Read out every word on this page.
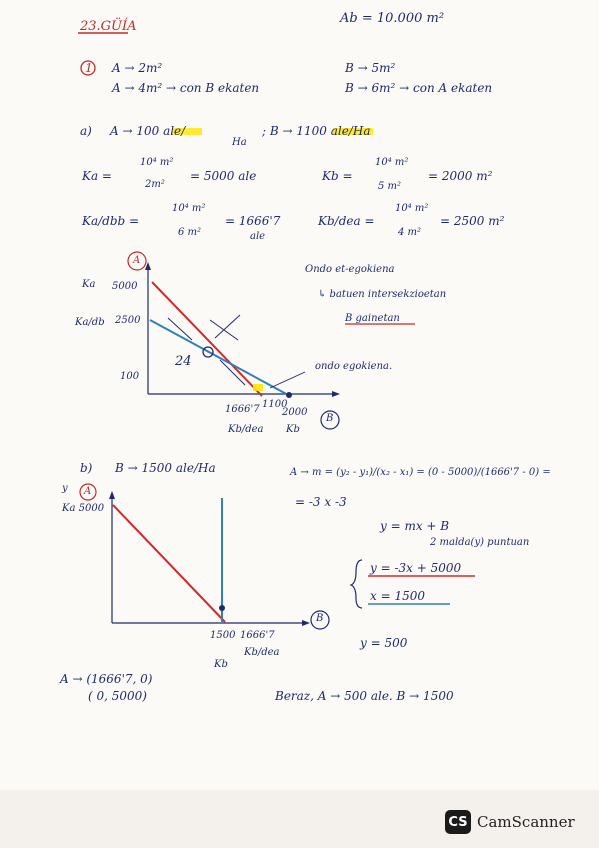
23.GÜÍA
Ab = 10.000 m²
1 A → 2m²
A → 4m² → con B ekaten
B → 5m²
B → 6m² → con A ekaten
a) A → 100 ale/
Ha
; B → 1100 ale/Ha
Ka =
10⁴ m²
2m²
= 5000 ale	Kb =
10⁴ m²
5 m²
= 2000 m²
Ka/dbb =
10⁴ m²
6 m²
= 1666'7
ale
Kb/dea =
10⁴ m²
4 m²
= 2500 m²
A
Ka 5000
Ka/db 2500
100
24
1666'7 1100
2000
Kb/dea Kb
B
Ondo et-egokiena
↳ batuen intersekzioetan
B gainetan
ondo egokiena.
b) B → 1500 ale/Ha	A → m = (y₂ - y₁)/(x₂ - x₁) = (0 - 5000)/(1666'7 - 0) =
= -3 x -3
y = mx + B
2 malda(y) puntuan
y = -3x + 5000
x = 1500
y = 500
y A
Ka 5000
1500 1666'7
Kb
Kb/dea
B
A → (1666'7, 0)
( 0, 5000)	Beraz, A → 500 ale. B → 1500
CS CamScanner
